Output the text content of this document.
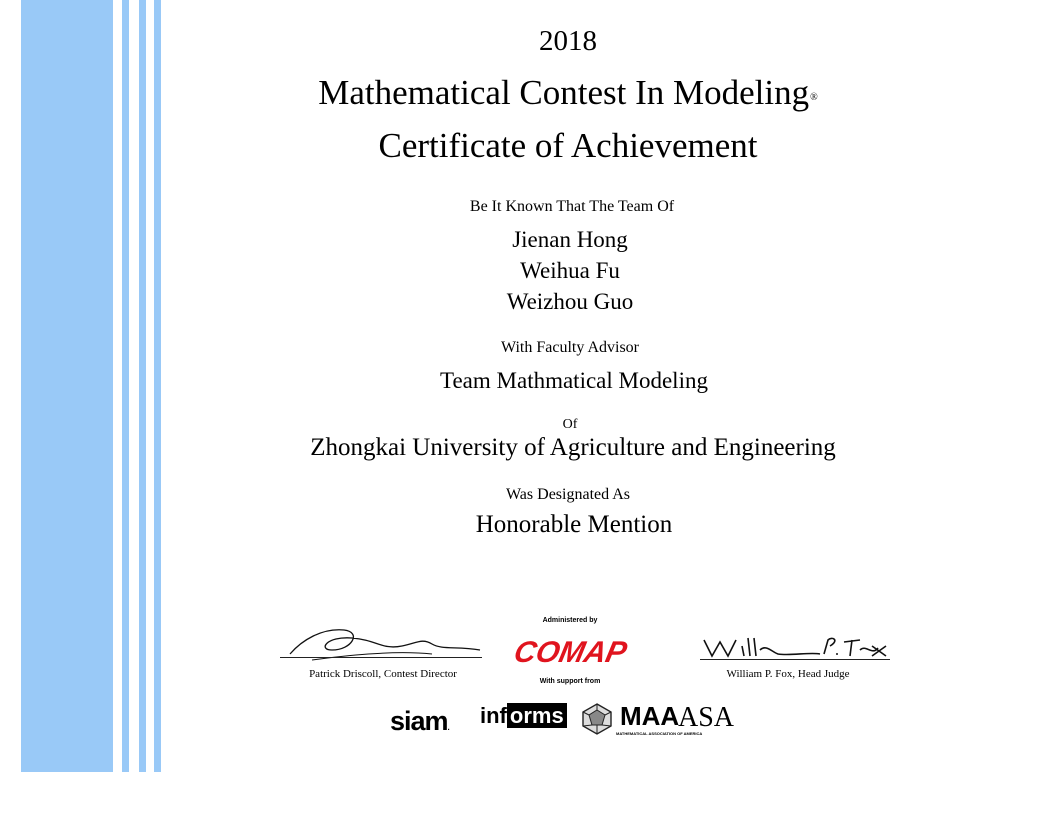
2018
Mathematical Contest In Modeling®
Certificate of Achievement
Be It Known That The Team Of
Jienan Hong
Weihua Fu
Weizhou Guo
With Faculty Advisor
Team Mathmatical Modeling
Of
Zhongkai University of Agriculture and Engineering
Was Designated As
Honorable Mention
Patrick Driscoll, Contest Director
Administered by
COMAP
With support from
William P. Fox, Head Judge
siam. inf orms MAA
MATHEMATICAL ASSOCIATION OF AMERICA
ASA
